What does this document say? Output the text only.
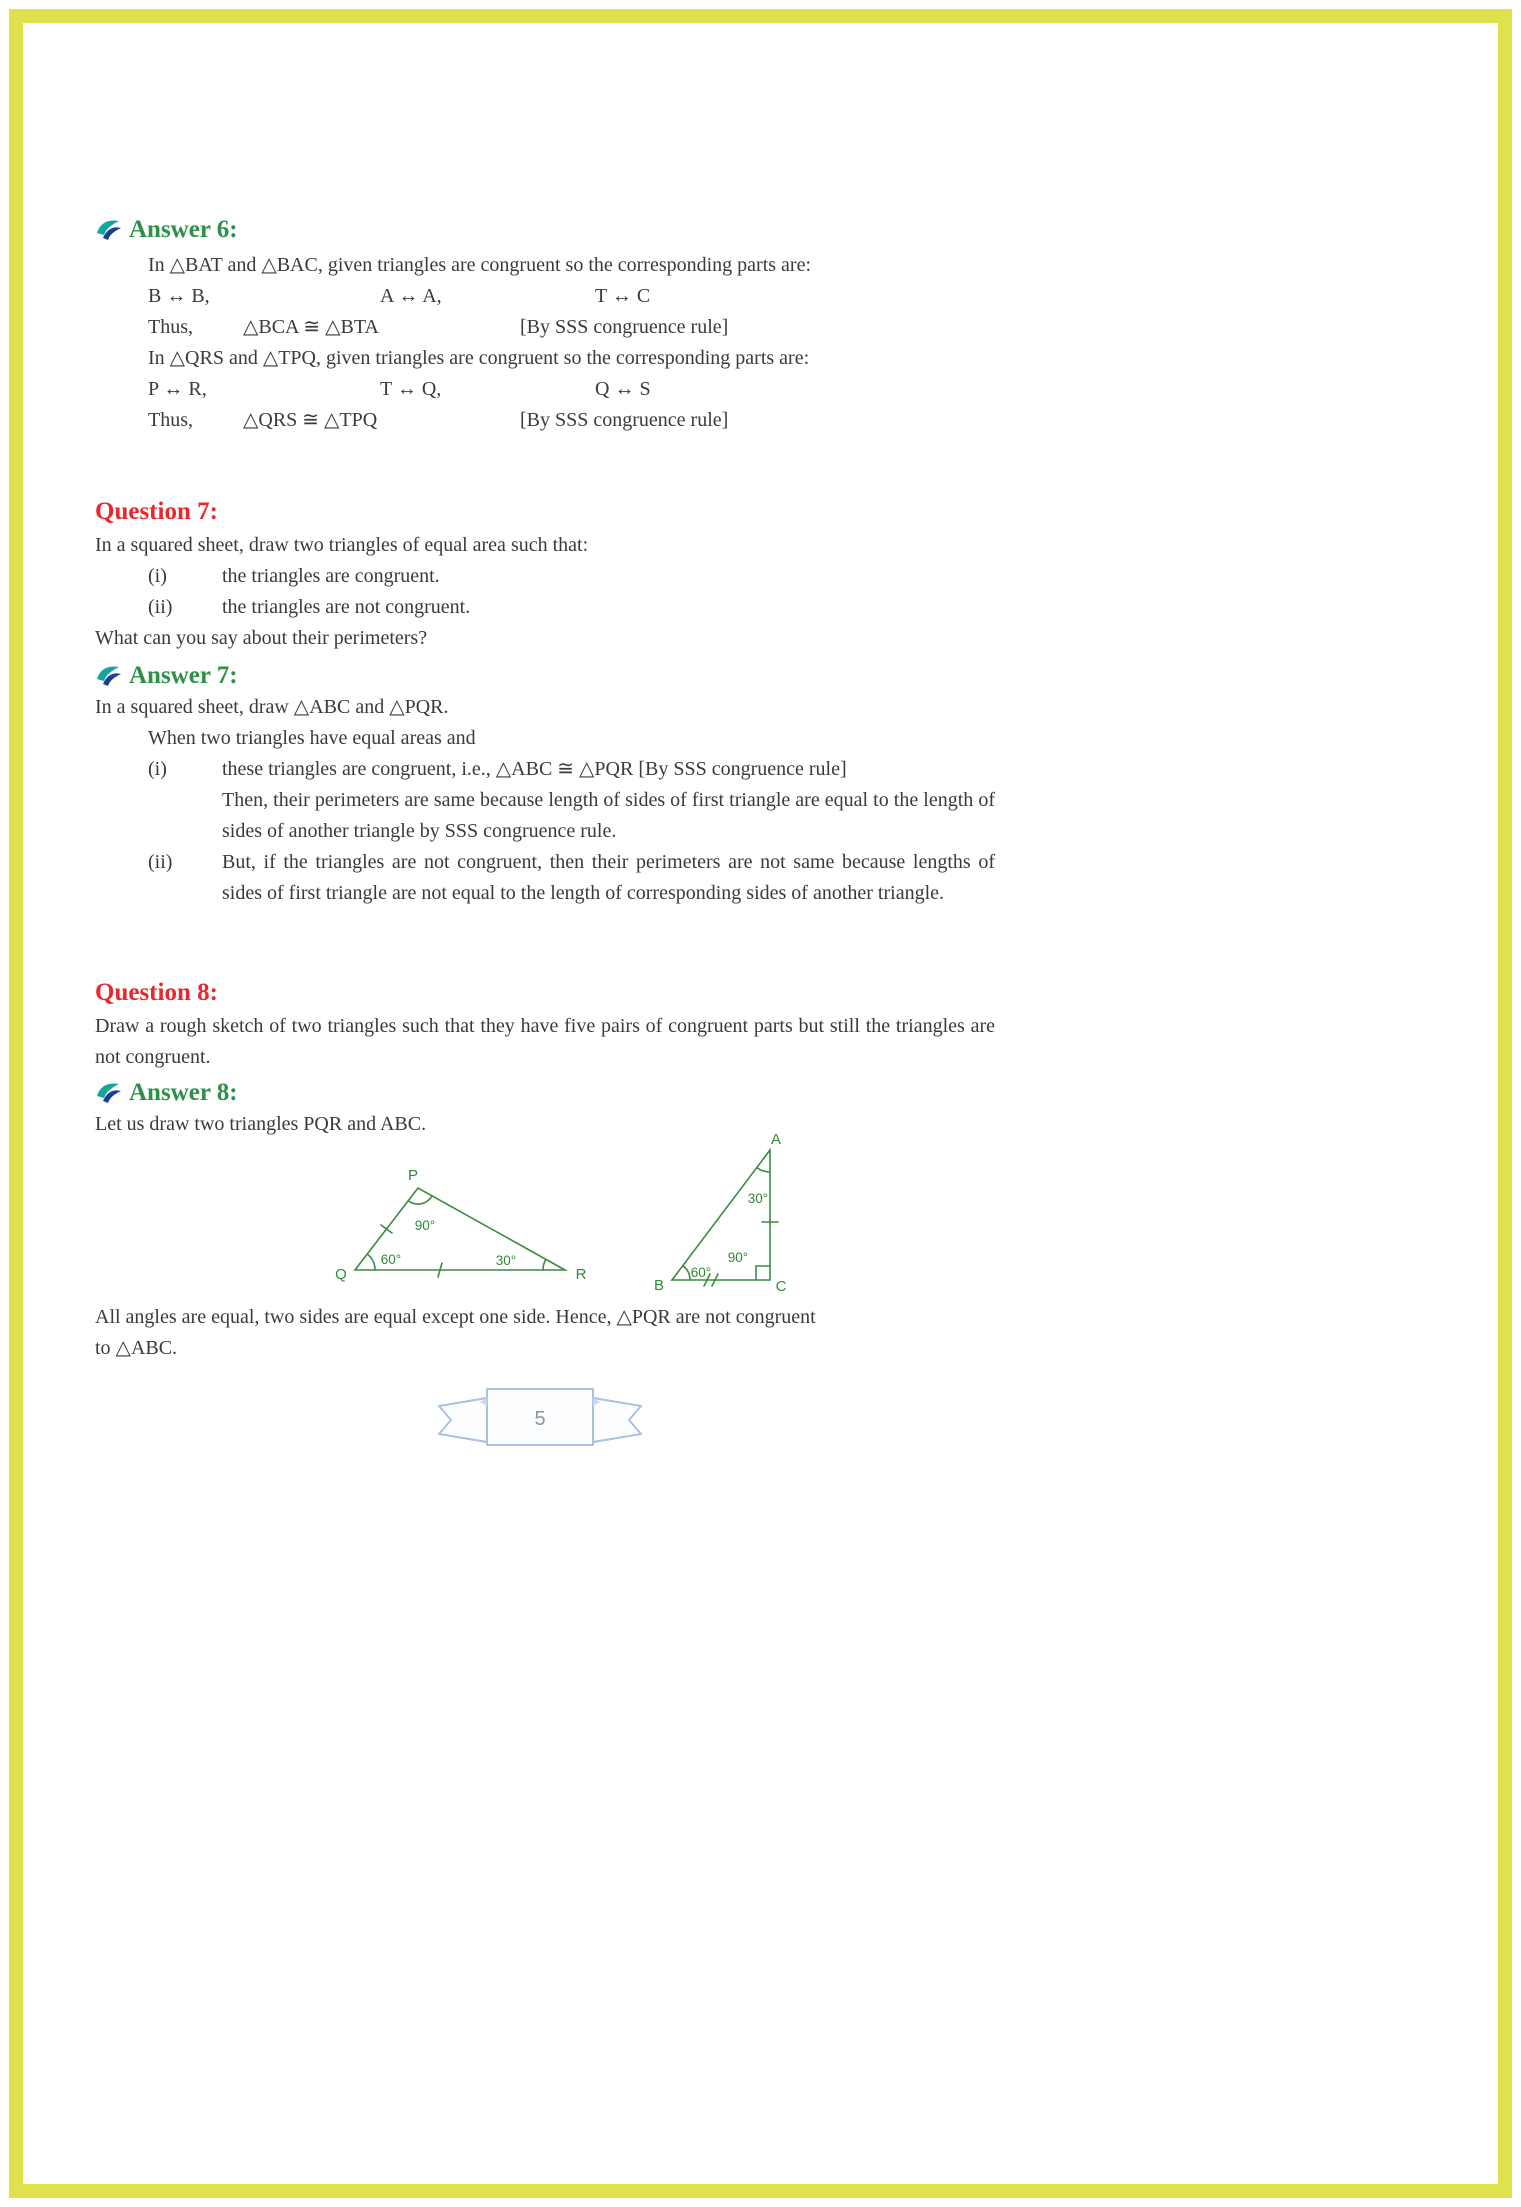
Answer 6:

In △BAT and △BAC, given triangles are congruent so the corresponding parts are:

B ↔ B,	A ↔ A,	T ↔ C

Thus,	△BCA ≅ △BTA	[By SSS congruence rule]

In △QRS and △TPQ, given triangles are congruent so the corresponding parts are:

P ↔ R,	T ↔ Q,	Q ↔ S

Thus,	△QRS ≅ △TPQ	[By SSS congruence rule]

Question 7:

In a squared sheet, draw two triangles of equal area such that:

(i)	the triangles are congruent.
(ii)	the triangles are not congruent.

What can you say about their perimeters?

Answer 7:

In a squared sheet, draw △ABC and △PQR.

When two triangles have equal areas and

(i)	these triangles are congruent, i.e., △ABC ≅ △PQR [By SSS congruence rule]
Then, their perimeters are same because length of sides of first triangle are equal to the length of sides of another triangle by SSS congruence rule.
(ii)	But, if the triangles are not congruent, then their perimeters are not same because lengths of sides of first triangle are not equal to the length of corresponding sides of another triangle.
Question 8:

Draw a rough sketch of two triangles such that they have five pairs of congruent parts but still the triangles are not congruent.

Answer 8:

Let us draw two triangles PQR and ABC.

P
Q	R
90°
60°	30°
A
B	C
30°
60°
90°

All angles are equal, two sides are equal except one side. Hence, △PQR are not congruent

to △ABC.

5
